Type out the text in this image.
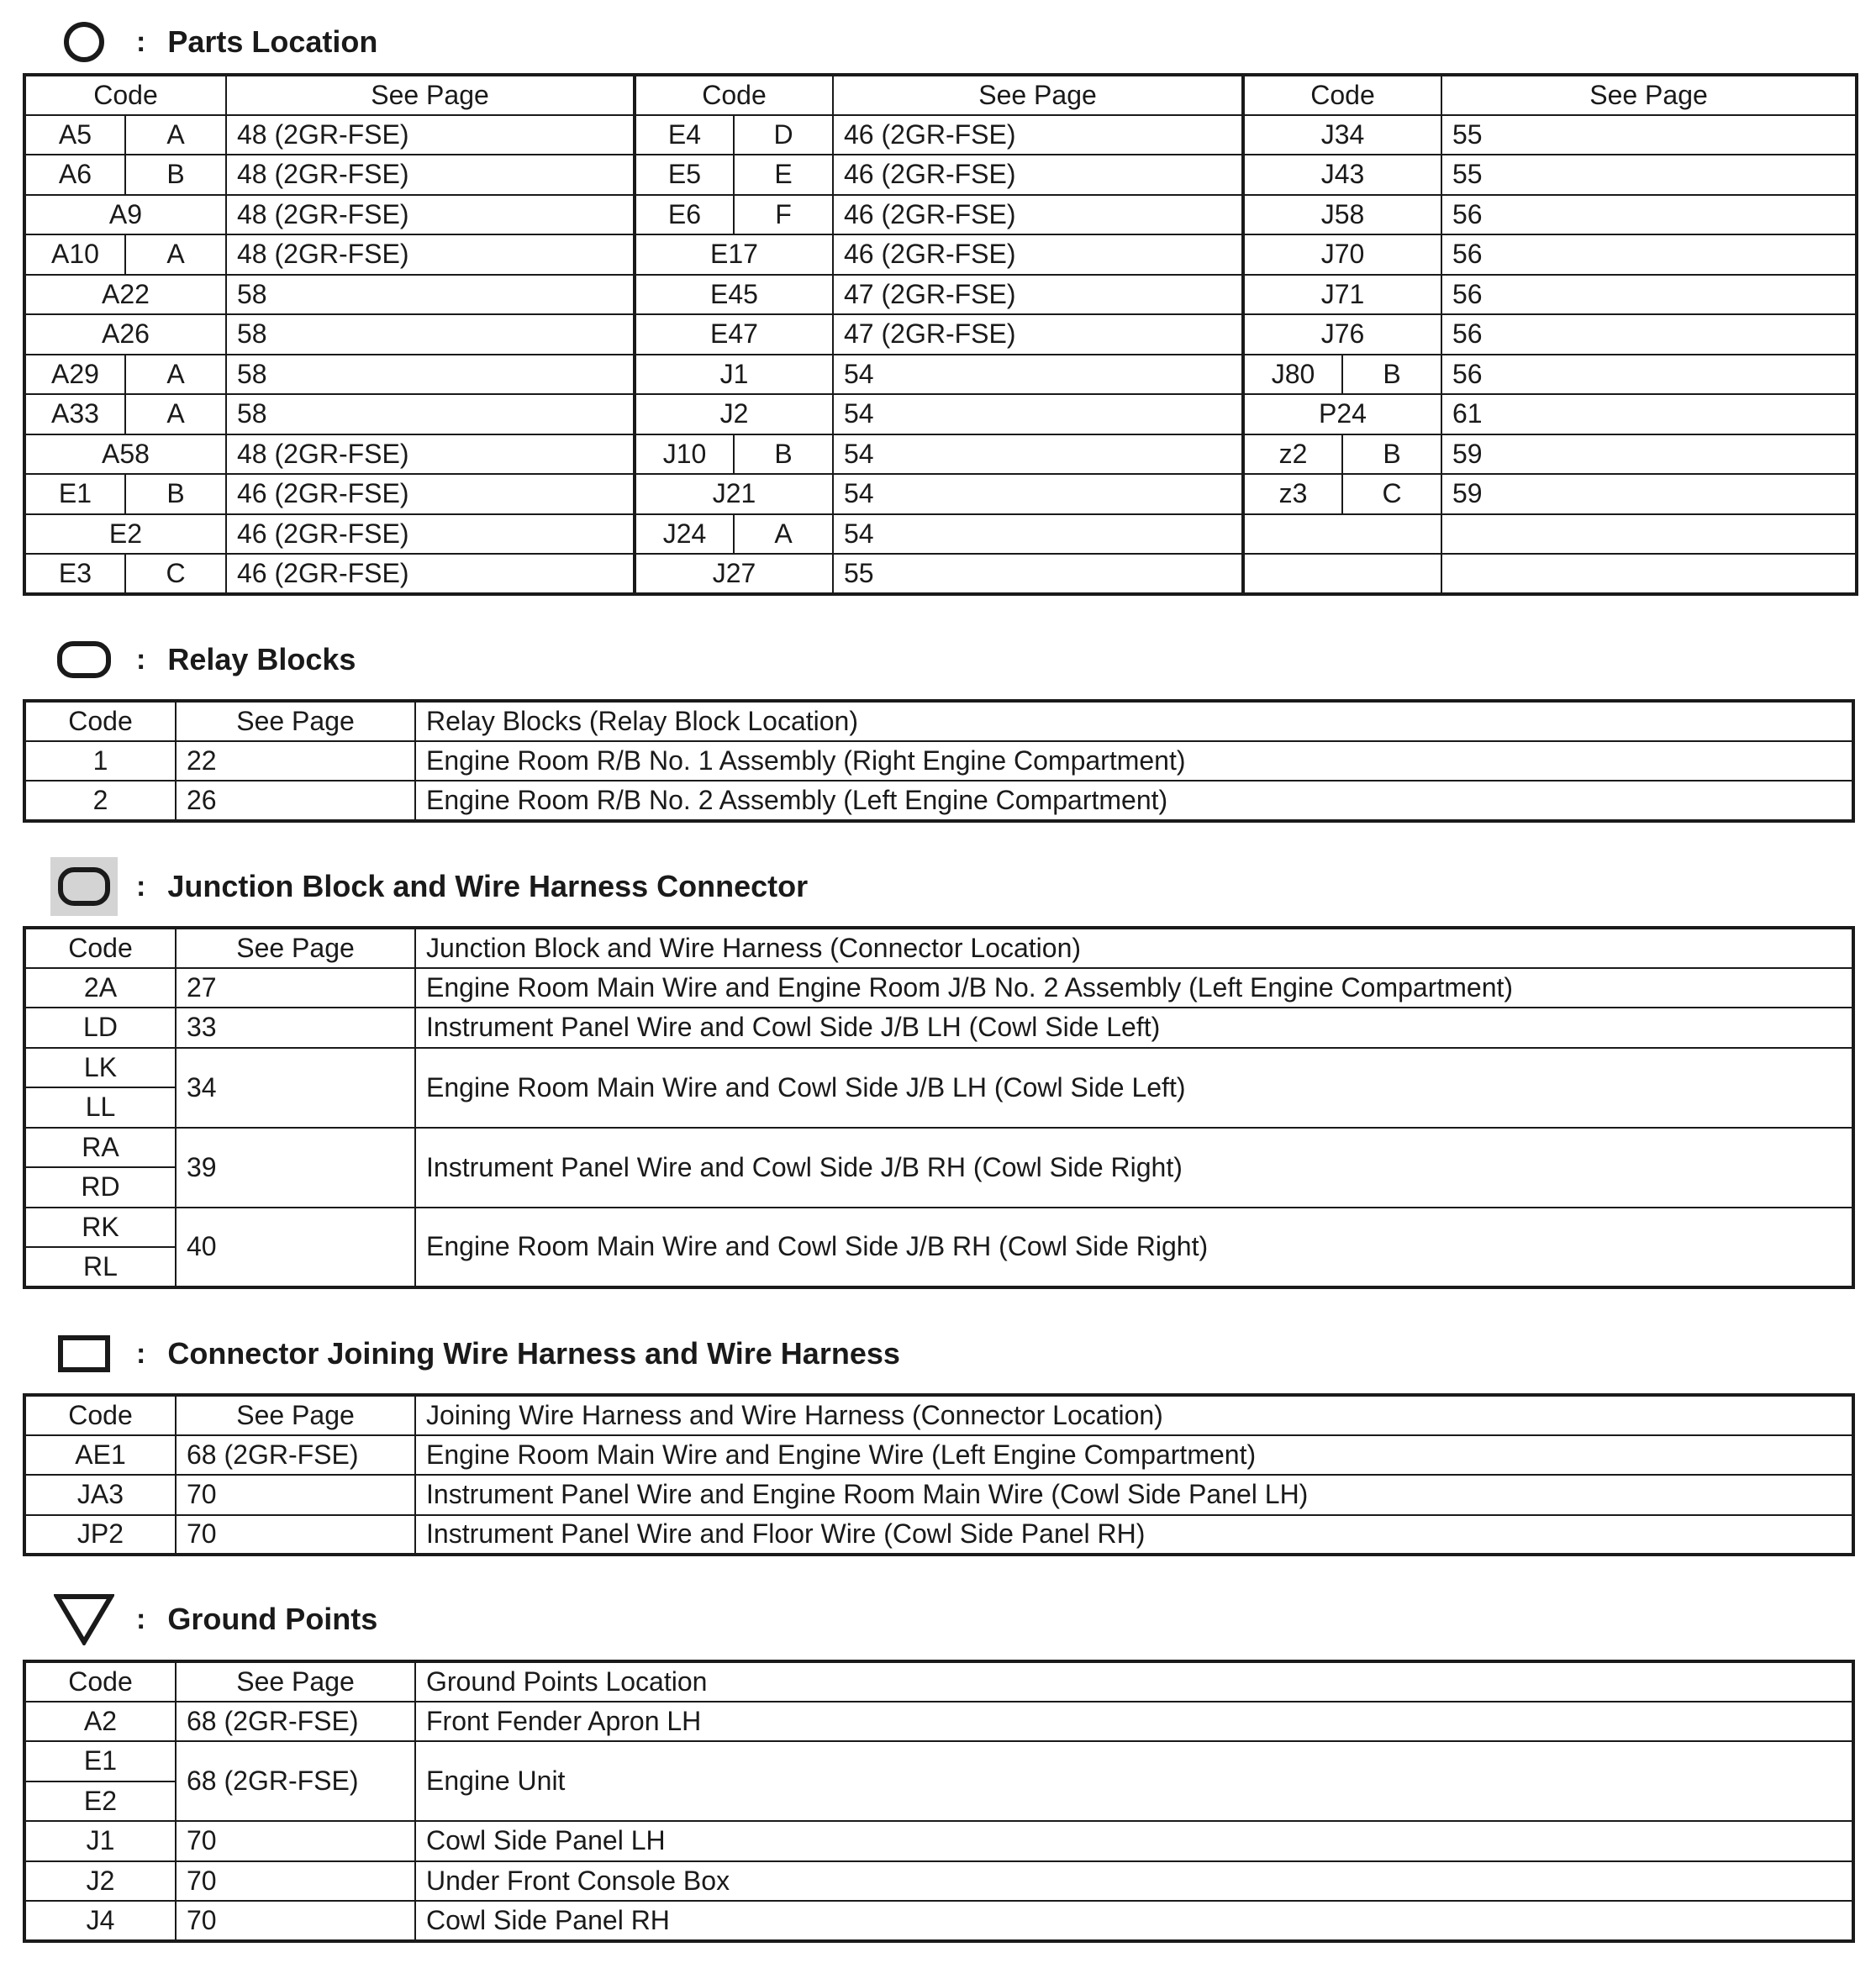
: Parts Location
Code		See Page	Code		See Page	Code		See Page
A5	A	48 (2GR-FSE)	E4	D	46 (2GR-FSE)	J34		55
A6	B	48 (2GR-FSE)	E5	E	46 (2GR-FSE)	J43		55
A9		48 (2GR-FSE)	E6	F	46 (2GR-FSE)	J58		56
A10	A	48 (2GR-FSE)	E17		46 (2GR-FSE)	J70		56
A22		58	E45		47 (2GR-FSE)	J71		56
A26		58	E47		47 (2GR-FSE)	J76		56
A29	A	58	J1		54	J80	B	56
A33	A	58	J2		54	P24		61
A58		48 (2GR-FSE)	J10	B	54	z2	B	59
E1	B	46 (2GR-FSE)	J21		54	z3	C	59
E2		46 (2GR-FSE)	J24	A	54			
E3	C	46 (2GR-FSE)	J27		55			
: Relay Blocks
Code	See Page	Relay Blocks (Relay Block Location)
1	22	Engine Room R/B No. 1 Assembly (Right Engine Compartment)
2	26	Engine Room R/B No. 2 Assembly (Left Engine Compartment)
: Junction Block and Wire Harness Connector
Code	See Page	Junction Block and Wire Harness (Connector Location)
2A	27	Engine Room Main Wire and Engine Room J/B No. 2 Assembly (Left Engine Compartment)
LD	33	Instrument Panel Wire and Cowl Side J/B LH (Cowl Side Left)
LK	34	Engine Room Main Wire and Cowl Side J/B LH (Cowl Side Left)
LL		
RA	39	Instrument Panel Wire and Cowl Side J/B RH (Cowl Side Right)
RD		
RK	40	Engine Room Main Wire and Cowl Side J/B RH (Cowl Side Right)
RL		
: Connector Joining Wire Harness and Wire Harness
Code	See Page	Joining Wire Harness and Wire Harness (Connector Location)
AE1	68 (2GR-FSE)	Engine Room Main Wire and Engine Wire (Left Engine Compartment)
JA3	70	Instrument Panel Wire and Engine Room Main Wire (Cowl Side Panel LH)
JP2	70	Instrument Panel Wire and Floor Wire (Cowl Side Panel RH)
: Ground Points
Code	See Page	Ground Points Location
A2	68 (2GR-FSE)	Front Fender Apron LH
E1	68 (2GR-FSE)	Engine Unit
E2		
J1	70	Cowl Side Panel LH
J2	70	Under Front Console Box
J4	70	Cowl Side Panel RH
